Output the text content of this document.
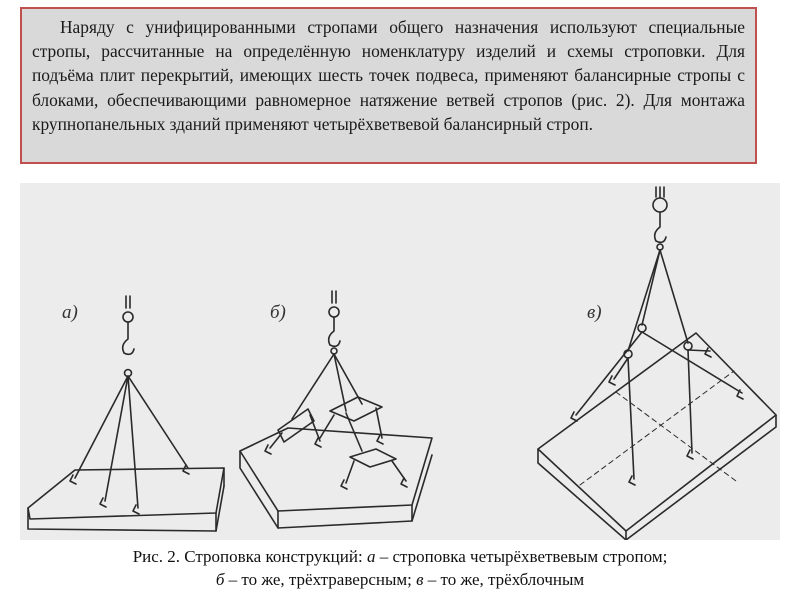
Наряду с унифицированными стропами общего назначения используют специальные стропы, рассчитанные на определённую номенклатуру изделий и схемы строповки. Для подъёма плит перекрытий, имеющих шесть точек подвеса, применяют балансирные стропы с блоками, обеспечивающими равномерное натяжение ветвей стропов (рис. 2). Для монтажа крупнопанельных зданий применяют четырёхветвевой балансирный строп.

а)	б)	в)

Рис. 2. Строповка конструкций: а – строповка четырёхветвевым стропом;

б – то же, трёхтраверсным; в – то же, трёхблочным
